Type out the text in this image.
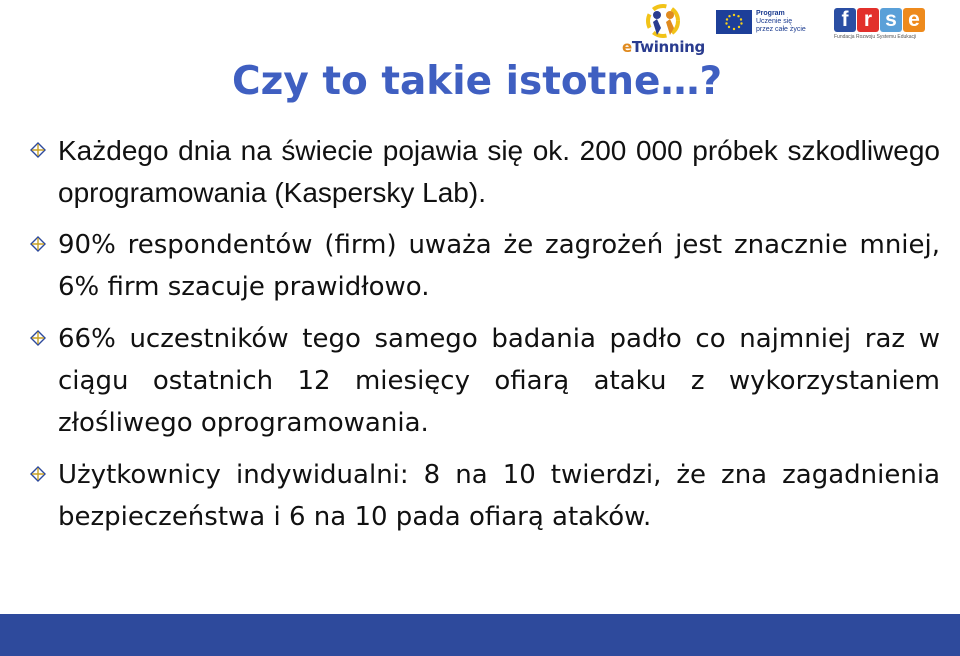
eTwinning
Program
Uczenie się
przez całe życie	f r s e
Fundacja Rozwoju Systemu Edukacji
Czy to takie istotne…?
Każdego dnia na świecie pojawia się ok. 200 000 próbek szkodliwego oprogramowania (Kaspersky Lab).
90% respondentów (firm) uważa że zagrożeń jest znacznie mniej, 6% firm szacuje prawidłowo.
66% uczestników tego samego badania padło co najmniej raz w ciągu ostatnich 12 miesięcy ofiarą ataku z wykorzystaniem złośliwego oprogramowania.
Użytkownicy indywidualni: 8 na 10 twierdzi, że zna zagadnienia bezpieczeństwa i 6 na 10 pada ofiarą ataków.
